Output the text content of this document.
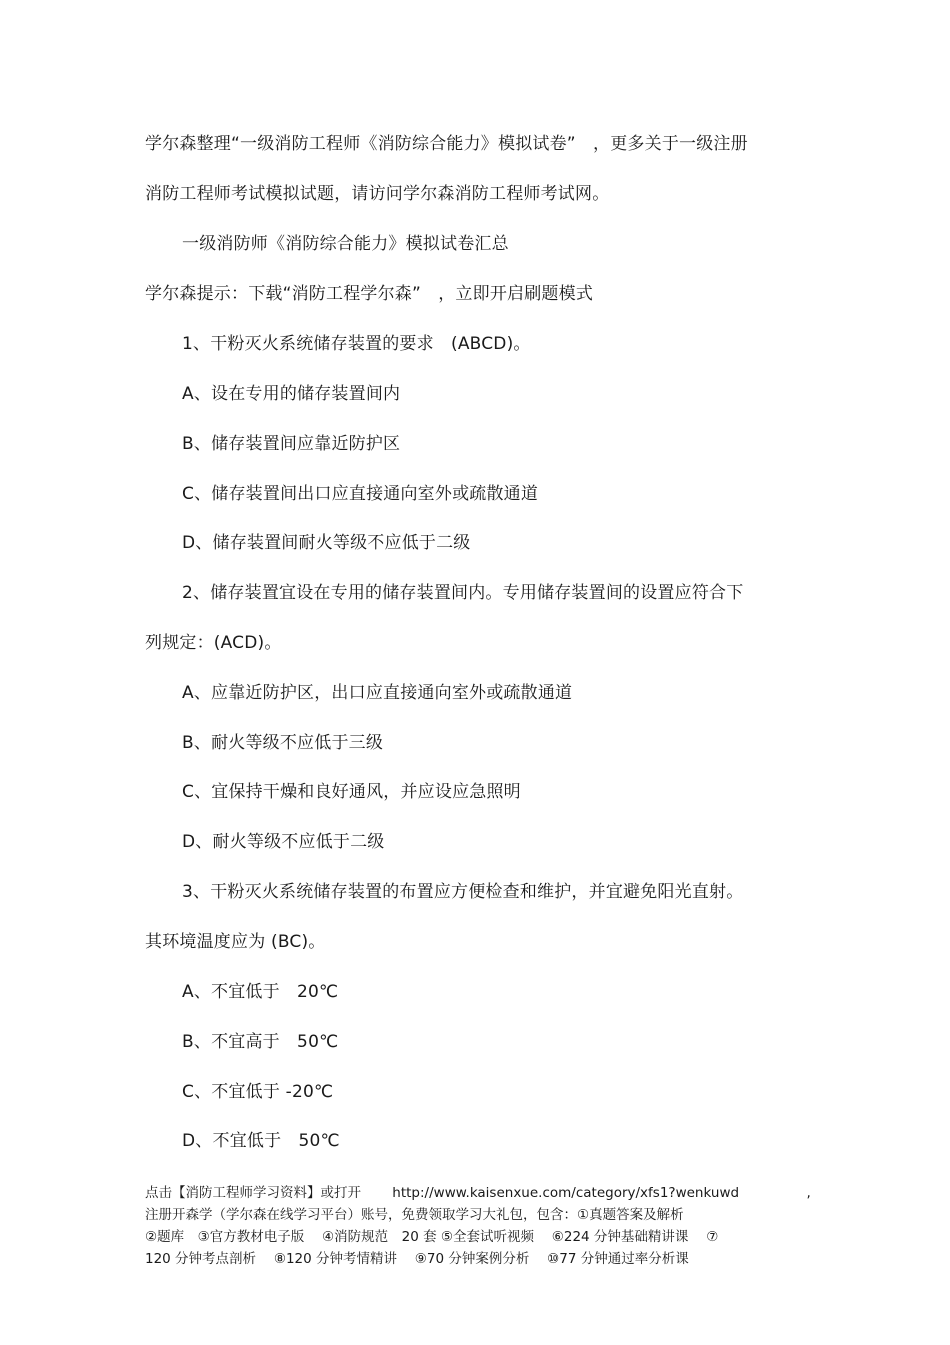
学尔森整理“一级消防工程师《消防综合能力》模拟试卷”　，更多关于一级注册
消防工程师考试模拟试题，请访问学尔森消防工程师考试网。
一级消防师《消防综合能力》模拟试卷汇总
学尔森提示：下载“消防工程学尔森”　，立即开启刷题模式
1、干粉灭火系统储存装置的要求　(ABCD)。
A、设在专用的储存装置间内
B、储存装置间应靠近防护区
C、储存装置间出口应直接通向室外或疏散通道
D、储存装置间耐火等级不应低于二级
2、储存装置宜设在专用的储存装置间内。专用储存装置间的设置应符合下
列规定：(ACD)。
A、应靠近防护区，出口应直接通向室外或疏散通道
B、耐火等级不应低于三级
C、宜保持干燥和良好通风，并应设应急照明
D、耐火等级不应低于二级
3、干粉灭火系统储存装置的布置应方便检查和维护，并宜避免阳光直射。
其环境温度应为 (BC)。
A、不宜低于　20℃
B、不宜高于　50℃
C、不宜低于 -20℃
D、不宜低于　50℃
点击【消防工程师学习资料】或打开　　 http://www.kaisenxue.com/category/xfs1?wenkuwd　　　　　,
注册开森学（学尔森在线学习平台）账号，免费领取学习大礼包，包含：①真题答案及解析
②题库　③官方教材电子版　 ④消防规范　20 套 ⑤全套试听视频　 ⑥224 分钟基础精讲课　 ⑦
120 分钟考点剖析　 ⑧120 分钟考情精讲　 ⑨70 分钟案例分析　 ⑩77 分钟通过率分析课
